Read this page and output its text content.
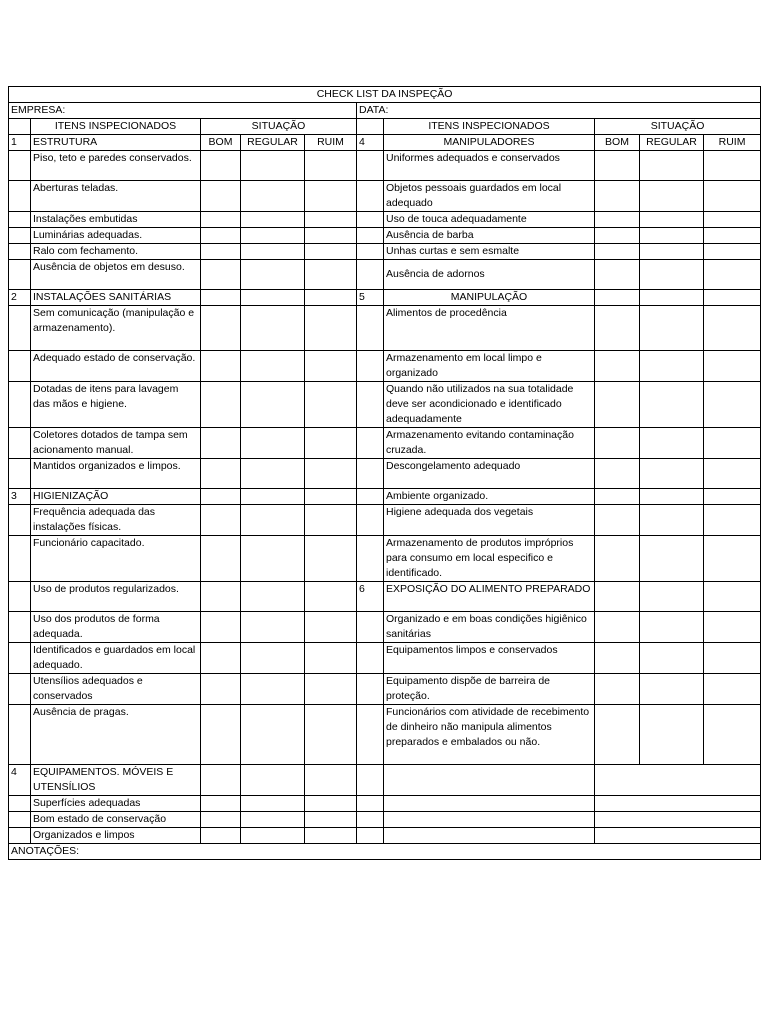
CHECK LIST DA INSPEÇÃO									
EMPRESA:					DATA:				
	ITENS INSPECIONADOS	SITUAÇÃO				ITENS INSPECIONADOS	SITUAÇÃO		
1	ESTRUTURA	BOM	REGULAR	RUIM	4	MANIPULADORES	BOM	REGULAR	RUIM
	Piso, teto e paredes conservados.					Uniformes adequados e conservados			
	Aberturas teladas.					Objetos pessoais guardados em local adequado			
	Instalações embutidas					Uso de touca adequadamente			
	Luminárias adequadas.					Ausência de barba			
	Ralo com fechamento.					Unhas curtas e sem esmalte			
	Ausência de objetos em desuso.					Ausência de adornos			
2	INSTALAÇÕES SANITÁRIAS				5	MANIPULAÇÃO			
	Sem comunicação (manipulação e armazenamento).					Alimentos de procedência			
	Adequado estado de conservação.					Armazenamento em local limpo e organizado			
	Dotadas de itens para lavagem das mãos e higiene.					Quando não utilizados na sua totalidade deve ser acondicionado e identificado adequadamente			
	Coletores dotados de tampa sem acionamento manual.					Armazenamento evitando contaminação cruzada.			
	Mantidos organizados e limpos.					Descongelamento adequado			
3	HIGIENIZAÇÃO					Ambiente organizado.			
	Frequência adequada das instalações físicas.					Higiene adequada dos vegetais			
	Funcionário capacitado.					Armazenamento de produtos impróprios para consumo em local especifico e identificado.			
	Uso de produtos regularizados.				6	EXPOSIÇÃO DO ALIMENTO PREPARADO			
	Uso dos produtos de forma adequada.					Organizado e em boas condições higiênico sanitárias			
	Identificados e guardados em local adequado.					Equipamentos limpos e conservados			
	Utensílios adequados e conservados					Equipamento dispõe de barreira de proteção.			
	Ausência de pragas.					Funcionários com atividade de recebimento de dinheiro não manipula alimentos preparados e embalados ou não.			
4	EQUIPAMENTOS. MÓVEIS E UTENSÍLIOS								
	Superfícies adequadas								
	Bom estado de conservação								
	Organizados e limpos								
ANOTAÇÕES:									
